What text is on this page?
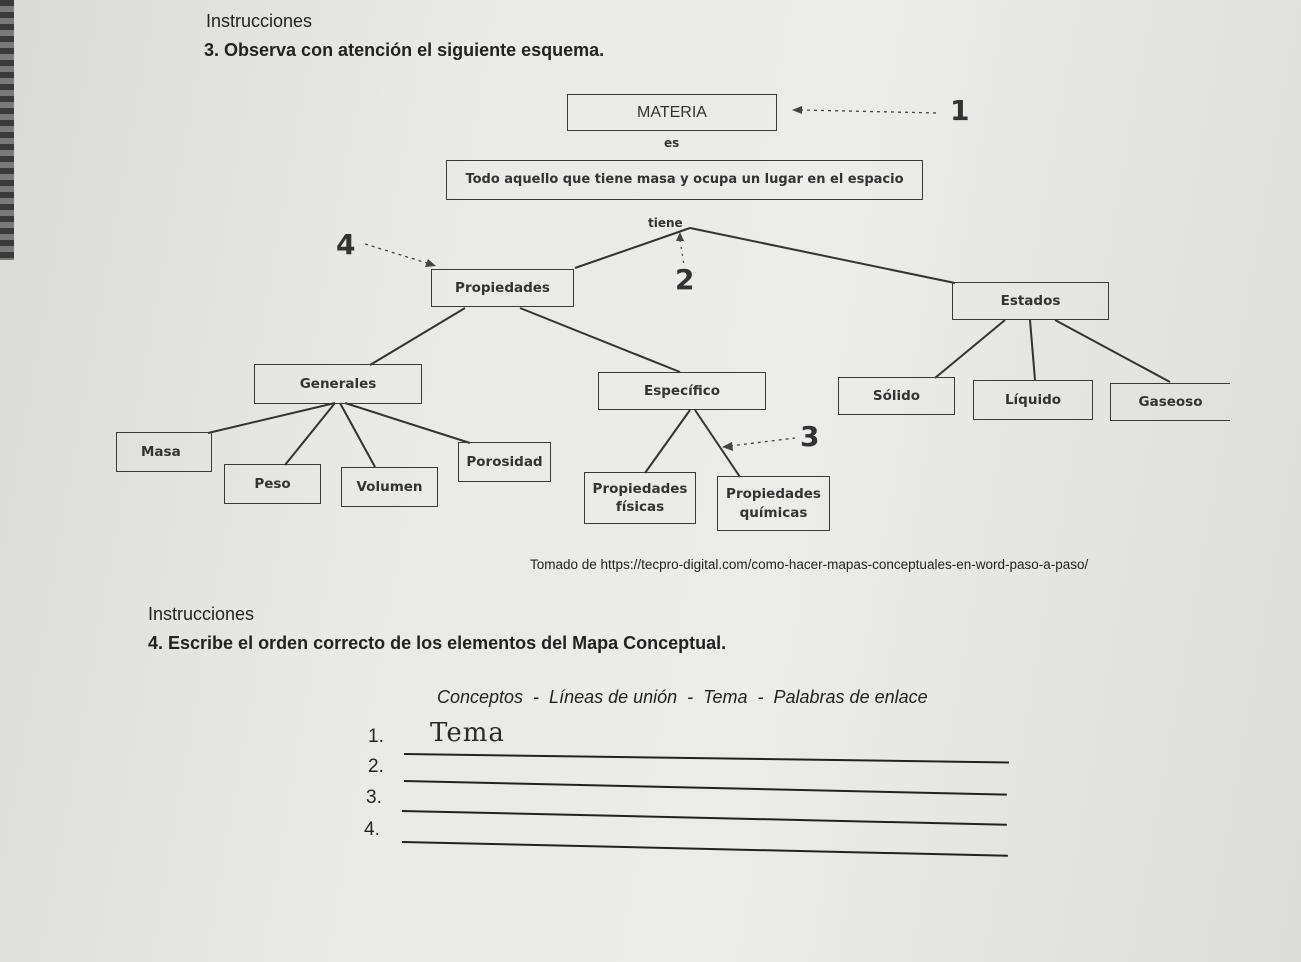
Instrucciones
3. Observa con atención el siguiente esquema.
MATERIA	1
es
Todo aquello que tiene masa y ocupa un lugar en el espacio
tiene
4
Propiedades	2
Estados
Generales	Específico	Sólido	Líquido	Gaseoso
Masa	3
Porosidad
Peso	Volumen	Propiedades
físicas
Propiedades
químicas
Tomado de https://tecpro-digital.com/como-hacer-mapas-conceptuales-en-word-paso-a-paso/
Instrucciones
4. Escribe el orden correcto de los elementos del Mapa Conceptual.
Conceptos  -  Líneas de unión  -  Tema  -  Palabras de enlace
1. Tema
2.
3.
4.
